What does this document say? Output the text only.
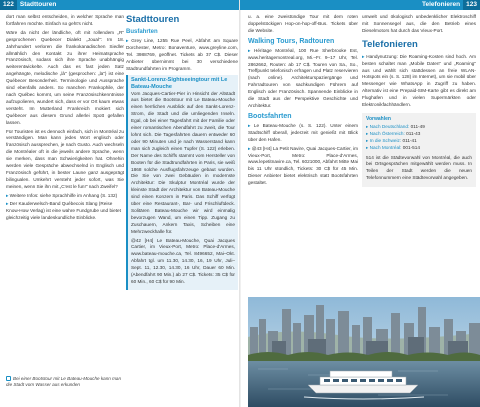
122 Stadttouren

dort man selbst entscheiden, in welcher Sprache man fortfahren möchte. Einfach so geht's nicht.

Wäre da nicht der ländliche, oft mit rollendem „R" gesprochenen Quebecer Dialekt „Joual": Im 18. Jahrhundert verloren die frankokanadischen Siedler allmählich den Kontakt zu ihrer Heimatsprache Französisch, sodass sich ihre Sprache unabhängig weiterentwickelte. Auch das es fast jeden Satz angehängte, melodische „là" (gesprochen: „la") ist eine Québecer Besonderheit. Terminologie und Aussprache sind ebenfalls anders. So manchen Frankophile, der nach Québec kommt, um seine Französischkenntnisse aufzupolieren, wundert sich, dass er vor Ort kaum etwas versteht. Im Mutterland Frankreich mokiert sich Québecer aus diesem Grund allerlei Spott gefallen lassen.

Für Touristen ist es dennoch einfach, sich in Montréal zu verständigen. Man kann jedes Wort englisch oder französisch aussprechen, je nach Gusto. Auch wechseln die Montréaler oft in die jeweils andere Sprache, wenn sie merken, dass man Schwierigkeiten hat. Ohnehin werden viele Gespräche abwechselnd in Englisch und Französisch geführt, in bester Laune ganz ausgeprägt bilingualen. Umkehrt versteht jeder sofort, was Sie meinen, wenn Sie ihn mit „C'est le fun!" nach Zweifel?

▸ Weitere Infos: siehe Sprachhilfe im Anhang (S. 132)
▸ Der Kauderwelsch-Band Québecois Slang (Reise Know-How Verlag) ist eine wahre Fundgrube und bietet gleichzeitig viele landeskundliche Einblicke.
Stadttouren
Busfahrten

▸ Grey Line, 1255 Rue Peel, Abfahrt am Square Dorchester, Metro: Bonaventure, www.greyline.com, Tel. 3988769, geöffnet. Tickets ab 37 C$. Dieser Anbieter übernimmt bei 30 verschiedene Stadtrundfahrten im Programm.

Sankt-Lorenz-Sightseeingtour mit Le Bateau-Mouche

Vom Jacques-Cartier-Pier in Hinsicht der Altstadt aus bietet die Bootstour mit Le Bateau-Mouche einen herrlichen Ausblick auf den Sankt-Lorenz-Strom, die Stadt und die umliegenden Inseln. Egal, ob bei einer Tagesfahrt mit der Familie oder einer romantischen Abendfahrt zu zweit, die Tour lohnt sich. Die Tagesfahrten dauern entweder 60 oder 90 Minuten und je nach Wasserstand kann man sich zugleich einen Tupfer (S. 122) erleben. Der Name des Schiffs stammt vom Hersteller von Booten für die Stadtrundfahrten in Paris, sie weiß 1868 solche Ausflugsfahrzeuge gebaut wurden. Die Sie von zwei Gebäuden in modernste Architektur: Die Skulptur Montréal wurde der kleinste Stadt der Architektur von Bateau-Mouche sind einen Konzern in Paris. Das Schiff verfügt über eine Restaurant-, Bar- und Frischluftdeck. Solitären Bateau-Mouche wir wird einmalig bevorzugen Wand, um einen Tipp. Zugang zu Zuschauern, Ankern Taxis, Scheiben eine Mehrzweckhalle für.

@42 [H4] Le Bateau-Mouche, Quai Jacques Cartier, im Vieux-Port, Metro: Place-d'Armes, www.bateau-mouche.ca, Tel. 8496652, Mai–Okt. Abfahrt tgl. um 11.30, 14.30, 16, 19 Uhr, Juli–Sept. 11, 12.30, 14.30, 16 Uhr, Dauer 60 Min. (Abendfahrt 90 Min.) ab 27 C$. Tickets: 35 C$ für 60 Min., 60 C$ für 90 Min.

Bei einer Bootstour mit Le Bateau-Mouche kann man die Stadt vom Wasser aus erkunden
Telefonieren 123

u. a. eine zweistündige Tour mit dem roten doppelstöckigen Hop-on-hop-off-Bus. Tickets über die Website.

Walking Tours, Radtouren

▸ Héritage Montréal, 100 Rue Sherbrooke Est, www.heritagemontreal.org, Mi.–Fr. 9–17 Uhr, Tel. 2862662, Routen: ab 17 C$. Touren von Sa., So., Treffpunkt telefonisch erfragen und Platz reservieren (nach online). Architekturspaziergänge und Fahrradtouren von sachkundigen Führern auf Englisch oder Französisch. Spannende Einblicke in die Stadt aus der Perspektive Geschichte und Architektur.

Bootsfahrten

▸ Le Bateau-Mouche (s. S. 122). Unter einem Stadtschiff überall, jederzeit mit genießt mit Blick über den Hafen.

▸ @43 [H4] La Petit Navire, Quai Jacques-Cartier, im Vieux-Port, Metro: Place-d'Armes, www.lepetitnavire.ca, Tel. 6021000, Abfahrt Mitte Mai bis 11 Uhr stündlich, Tickets: 30 C$ für 45 Min. Dieser Anbieter bietet elektrisch statt Bootsfahrten gestaltet.

umwelt und ökologisch unbedenklicher Elektroschiff mit Sonnensegel aus, die den Betrieb eines Dieselmotors hat durch das Vieux-Port.

Telefonieren

▸ Handynutzung: Die Roaming-Kosten sind hoch. Am besten schaltet man „Mobile Daten" und „Roaming" aus und wählt sich stattdessen an freie WLAN-Hotspots ein (s. S. 128) im Internet), um sie mobil über Messenger wie WhatsApp in Zugriff zu haben. Alternativ ist eine Prepaid-SIM-Karte gibt es direkt am Flughafen und in vielen Supermärkten oder Elektronikfachhändlern.

Vorwahlen
▸ Nach Deutschland: 011-49
▸ Nach Österreich: 011-43
▸ In die Schweiz: 011-41
▸ Nach Montréal: 001-514

514 ist die Städtevorwahl von Montréal, die auch bei Ortsgesprächen mitgewählt werden muss. In Teilen der Stadt werden die neuen Telefonnummern eine Städtevorwahl angegeben.
